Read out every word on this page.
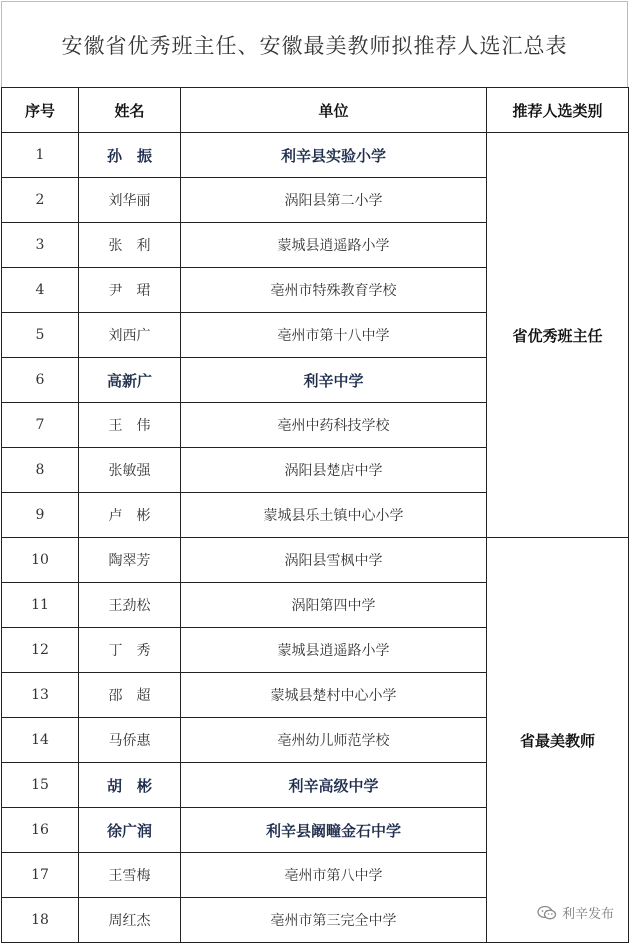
安徽省优秀班主任、安徽最美教师拟推荐人选汇总表
序号	姓名	单位	推荐人选类别
1	孙　振	利辛县实验小学	省优秀班主任
2	刘华丽	涡阳县第二小学	
3	张　利	蒙城县逍遥路小学	
4	尹　珺	亳州市特殊教育学校	
5	刘西广	亳州市第十八中学	
6	高新广	利辛中学	
7	王　伟	亳州中药科技学校	
8	张敏强	涡阳县楚店中学	
9	卢　彬	蒙城县乐土镇中心小学	
10	陶翠芳	涡阳县雪枫中学	省最美教师
11	王劲松	涡阳第四中学	
12	丁　秀	蒙城县逍遥路小学	
13	邵　超	蒙城县楚村中心小学	
14	马侨惠	亳州幼儿师范学校	
15	胡　彬	利辛高级中学	
16	徐广润	利辛县阚疃金石中学	
17	王雪梅	亳州市第八中学	
18	周红杰	亳州市第三完全中学		利辛发布
